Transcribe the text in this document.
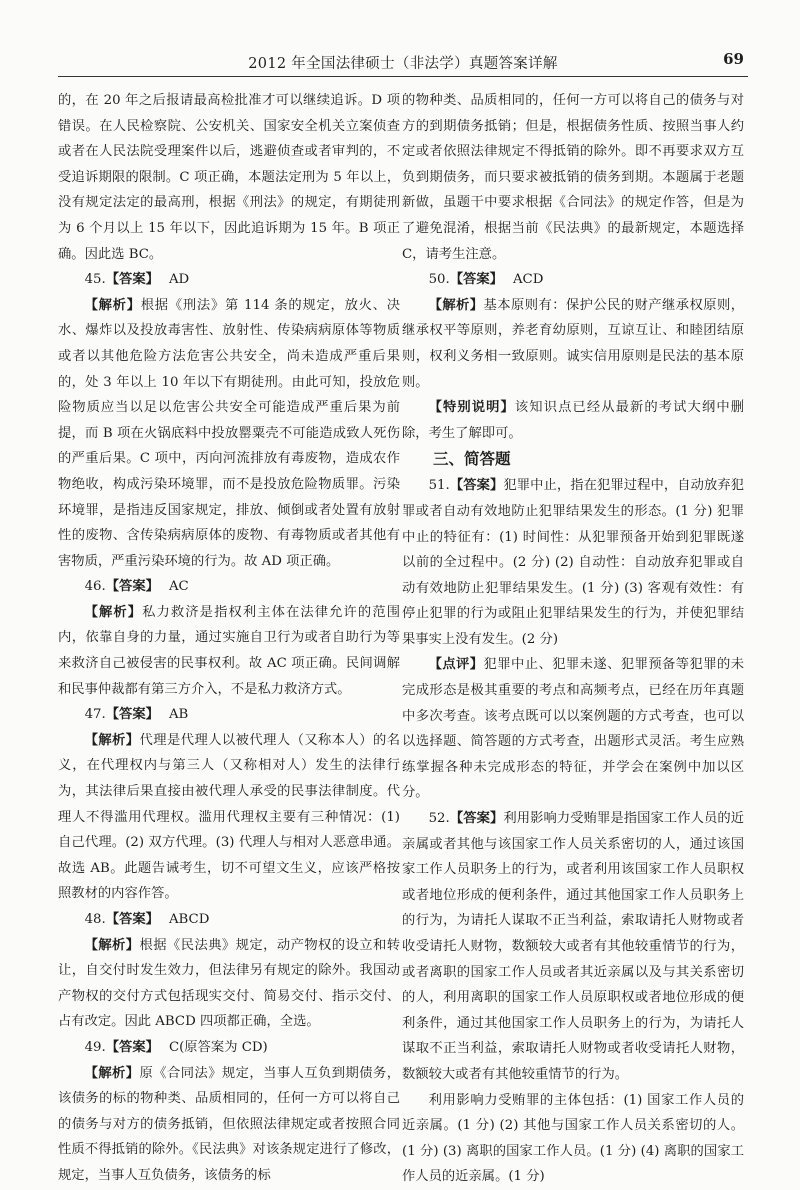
2012 年全国法律硕士（非法学）真题答案详解	69

的，在 20 年之后报请最高检批准才可以继续追诉。D 项错误。在人民检察院、公安机关、国家安全机关立案侦查或者在人民法院受理案件以后，逃避侦查或者审判的，不受追诉期限的限制。C 项正确，本题法定刑为 5 年以上，没有规定法定的最高刑，根据《刑法》的规定，有期徒刑为 6 个月以上 15 年以下，因此追诉期为 15 年。B 项正确。因此选 BC。

45.【答案】 AD

【解析】根据《刑法》第 114 条的规定，放火、决水、爆炸以及投放毒害性、放射性、传染病病原体等物质或者以其他危险方法危害公共安全，尚未造成严重后果的，处 3 年以上 10 年以下有期徒刑。由此可知，投放危险物质应当以足以危害公共安全可能造成严重后果为前提，而 B 项在火锅底料中投放罂粟壳不可能造成致人死伤的严重后果。C 项中，丙向河流排放有毒废物，造成农作物绝收，构成污染环境罪，而不是投放危险物质罪。污染环境罪，是指违反国家规定，排放、倾倒或者处置有放射性的废物、含传染病病原体的废物、有毒物质或者其他有害物质，严重污染环境的行为。故 AD 项正确。

46.【答案】 AC

【解析】私力救济是指权利主体在法律允许的范围内，依靠自身的力量，通过实施自卫行为或者自助行为等来救济自己被侵害的民事权利。故 AC 项正确。民间调解和民事仲裁都有第三方介入，不是私力救济方式。

47.【答案】 AB

【解析】代理是代理人以被代理人（又称本人）的名义，在代理权内与第三人（又称相对人）发生的法律行为，其法律后果直接由被代理人承受的民事法律制度。代理人不得滥用代理权。滥用代理权主要有三种情况：(1) 自己代理。(2) 双方代理。(3) 代理人与相对人恶意串通。故选 AB。此题告诫考生，切不可望文生义，应该严格按照教材的内容作答。

48.【答案】 ABCD

【解析】根据《民法典》规定，动产物权的设立和转让，自交付时发生效力，但法律另有规定的除外。我国动产物权的交付方式包括现实交付、简易交付、指示交付、占有改定。因此 ABCD 四项都正确，全选。

49.【答案】 C(原答案为 CD)

【解析】原《合同法》规定，当事人互负到期债务，该债务的标的物种类、品质相同的，任何一方可以将自己的债务与对方的债务抵销，但依照法律规定或者按照合同性质不得抵销的除外。《民法典》对该条规定进行了修改，规定，当事人互负债务，该债务的标

的物种类、品质相同的，任何一方可以将自己的债务与对方的到期债务抵销；但是，根据债务性质、按照当事人约定或者依照法律规定不得抵销的除外。即不再要求双方互负到期债务，而只要求被抵销的债务到期。本题属于老题新做，虽题干中要求根据《合同法》的规定作答，但是为了避免混淆，根据当前《民法典》的最新规定，本题选择 C，请考生注意。

50.【答案】 ACD

【解析】基本原则有：保护公民的财产继承权原则，继承权平等原则，养老育幼原则，互谅互让、和睦团结原则，权利义务相一致原则。诚实信用原则是民法的基本原则。

【特别说明】该知识点已经从最新的考试大纲中删除，考生了解即可。

三、简答题

51.【答案】犯罪中止，指在犯罪过程中，自动放弃犯罪或者自动有效地防止犯罪结果发生的形态。(1 分) 犯罪中止的特征有：(1) 时间性：从犯罪预备开始到犯罪既遂以前的全过程中。(2 分) (2) 自动性：自动放弃犯罪或自动有效地防止犯罪结果发生。(1 分) (3) 客观有效性：有停止犯罪的行为或阻止犯罪结果发生的行为，并使犯罪结果事实上没有发生。(2 分)

【点评】犯罪中止、犯罪未遂、犯罪预备等犯罪的未完成形态是极其重要的考点和高频考点，已经在历年真题中多次考查。该考点既可以以案例题的方式考查，也可以以选择题、简答题的方式考查，出题形式灵活。考生应熟练掌握各种未完成形态的特征，并学会在案例中加以区分。

52.【答案】利用影响力受贿罪是指国家工作人员的近亲属或者其他与该国家工作人员关系密切的人，通过该国家工作人员职务上的行为，或者利用该国家工作人员职权或者地位形成的便利条件，通过其他国家工作人员职务上的行为，为请托人谋取不正当利益，索取请托人财物或者收受请托人财物，数额较大或者有其他较重情节的行为，或者离职的国家工作人员或者其近亲属以及与其关系密切的人，利用离职的国家工作人员原职权或者地位形成的便利条件，通过其他国家工作人员职务上的行为，为请托人谋取不正当利益，索取请托人财物或者收受请托人财物，数额较大或者有其他较重情节的行为。

利用影响力受贿罪的主体包括：(1) 国家工作人员的近亲属。(1 分) (2) 其他与国家工作人员关系密切的人。(1 分) (3) 离职的国家工作人员。(1 分) (4) 离职的国家工作人员的近亲属。(1 分)
